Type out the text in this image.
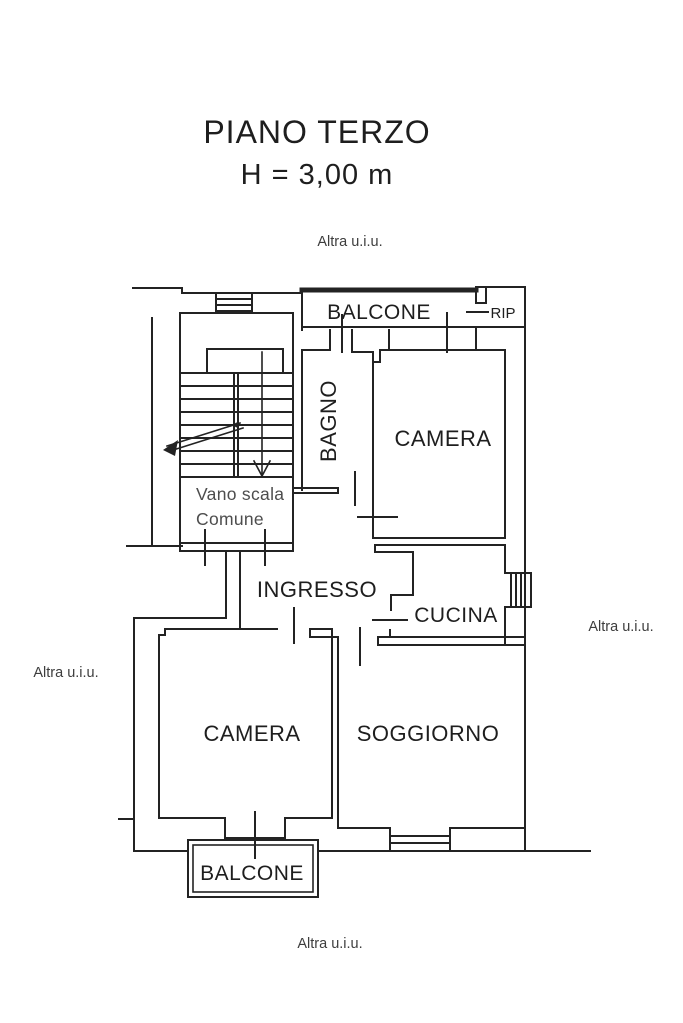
PIANO TERZO
H = 3,00 m
Altra u.i.u.
Altra u.i.u.
Altra u.i.u.
Altra u.i.u.
BALCONE	RIP
BAGNO CAMERA
Vano scala
Comune
INGRESSO
CUCINA
CAMERA	SOGGIORNO
BALCONE
